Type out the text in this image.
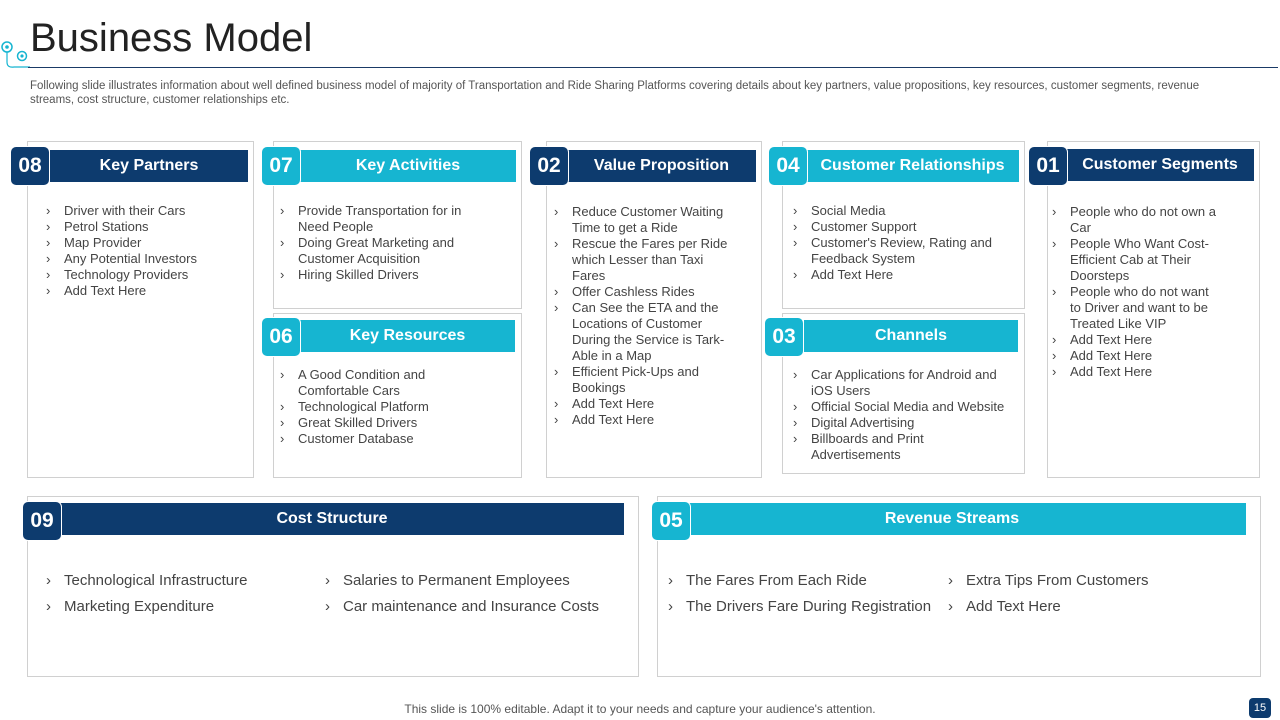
Business Model
Following slide illustrates information about well defined business model of majority of Transportation and Ride Sharing Platforms covering details about key partners, value propositions, key resources, customer segments, revenue streams, cost structure, customer relationships etc.
Key Partners
08
› Driver with their Cars
› Petrol Stations
› Map Provider
› Any Potential Investors
› Technology Providers
› Add Text Here
Key Activities
07
› Provide Transportation for in Need People
› Doing Great Marketing and Customer Acquisition
› Hiring Skilled Drivers
Key Resources
06
› A Good Condition and Comfortable Cars
› Technological Platform
› Great Skilled Drivers
› Customer Database
Value Proposition
02
› Reduce Customer Waiting Time to get a Ride
› Rescue the Fares per Ride which Lesser than Taxi Fares
› Offer Cashless Rides
› Can See the ETA and the Locations of Customer During the Service is Tark-Able in a Map
› Efficient Pick-Ups and Bookings
› Add Text Here
› Add Text Here
Customer Relationships
04
› Social Media
› Customer Support
› Customer's Review, Rating and Feedback System
› Add Text Here
Channels
03
› Car Applications for Android and iOS Users
› Official Social Media and Website
› Digital Advertising
› Billboards and Print Advertisements
Customer Segments
01
› People who do not own a Car
› People Who Want Cost-Efficient Cab at Their Doorsteps
› People who do not want to Driver and want to be Treated Like VIP
› Add Text Here
› Add Text Here
› Add Text Here
Cost Structure
09
› Technological Infrastructure
› Marketing Expenditure
› Salaries to Permanent Employees
› Car maintenance and Insurance Costs
Revenue Streams
05
› The Fares From Each Ride
› The Drivers Fare During Registration
› Extra Tips From Customers
› Add Text Here
This slide is 100% editable. Adapt it to your needs and capture your audience's attention.	15
